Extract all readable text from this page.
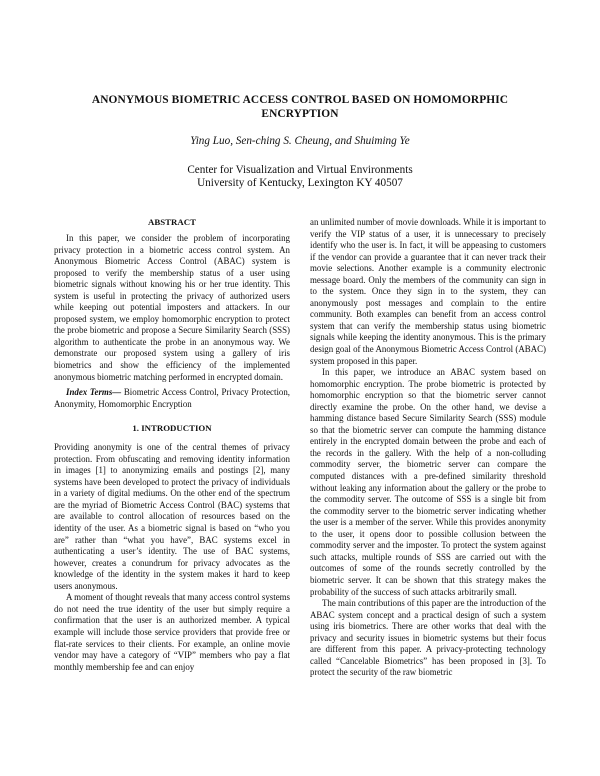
ANONYMOUS BIOMETRIC ACCESS CONTROL BASED ON HOMOMORPHIC
ENCRYPTION
Ying Luo, Sen-ching S. Cheung, and Shuiming Ye
Center for Visualization and Virtual Environments
University of Kentucky, Lexington KY 40507
ABSTRACT

In this paper, we consider the problem of incorporating privacy protection in a biometric access control system. An Anonymous Biometric Access Control (ABAC) system is proposed to verify the membership status of a user using biometric signals without knowing his or her true identity. This system is useful in protecting the privacy of authorized users while keeping out potential imposters and attackers. In our proposed system, we employ homomorphic encryption to protect the probe biometric and propose a Secure Similarity Search (SSS) algorithm to authenticate the probe in an anonymous way. We demonstrate our proposed system using a gallery of iris biometrics and show the efficiency of the implemented anonymous biometric matching performed in encrypted domain.

Index Terms— Biometric Access Control, Privacy Protection, Anonymity, Homomorphic Encryption

1. INTRODUCTION

Providing anonymity is one of the central themes of privacy protection. From obfuscating and removing identity information in images [1] to anonymizing emails and postings [2], many systems have been developed to protect the privacy of individuals in a variety of digital mediums. On the other end of the spectrum are the myriad of Biometric Access Control (BAC) systems that are available to control allocation of resources based on the identity of the user. As a biometric signal is based on “who you are” rather than “what you have”, BAC systems excel in authenticating a user’s identity. The use of BAC systems, however, creates a conundrum for privacy advocates as the knowledge of the identity in the system makes it hard to keep users anonymous.

A moment of thought reveals that many access control systems do not need the true identity of the user but simply require a confirmation that the user is an authorized member. A typical example will include those service providers that provide free or flat-rate services to their clients. For example, an online movie vendor may have a category of “VIP” members who pay a flat monthly membership fee and can enjoy

an unlimited number of movie downloads. While it is important to verify the VIP status of a user, it is unnecessary to precisely identify who the user is. In fact, it will be appeasing to customers if the vendor can provide a guarantee that it can never track their movie selections. Another example is a community electronic message board. Only the members of the community can sign in to the system. Once they sign in to the system, they can anonymously post messages and complain to the entire community. Both examples can benefit from an access control system that can verify the membership status using biometric signals while keeping the identity anonymous. This is the primary design goal of the Anonymous Biometric Access Control (ABAC) system proposed in this paper.

In this paper, we introduce an ABAC system based on homomorphic encryption. The probe biometric is protected by homomorphic encryption so that the biometric server cannot directly examine the probe. On the other hand, we devise a hamming distance based Secure Similarity Search (SSS) module so that the biometric server can compute the hamming distance entirely in the encrypted domain between the probe and each of the records in the gallery. With the help of a non-colluding commodity server, the biometric server can compare the computed distances with a pre-defined similarity threshold without leaking any information about the gallery or the probe to the commodity server. The outcome of SSS is a single bit from the commodity server to the biometric server indicating whether the user is a member of the server. While this provides anonymity to the user, it opens door to possible collusion between the commodity server and the imposter. To protect the system against such attacks, multiple rounds of SSS are carried out with the outcomes of some of the rounds secretly controlled by the biometric server. It can be shown that this strategy makes the probability of the success of such attacks arbitrarily small.

The main contributions of this paper are the introduction of the ABAC system concept and a practical design of such a system using iris biometrics. There are other works that deal with the privacy and security issues in biometric systems but their focus are different from this paper. A privacy-protecting technology called “Cancelable Biometrics” has been proposed in [3]. To protect the security of the raw biometric
